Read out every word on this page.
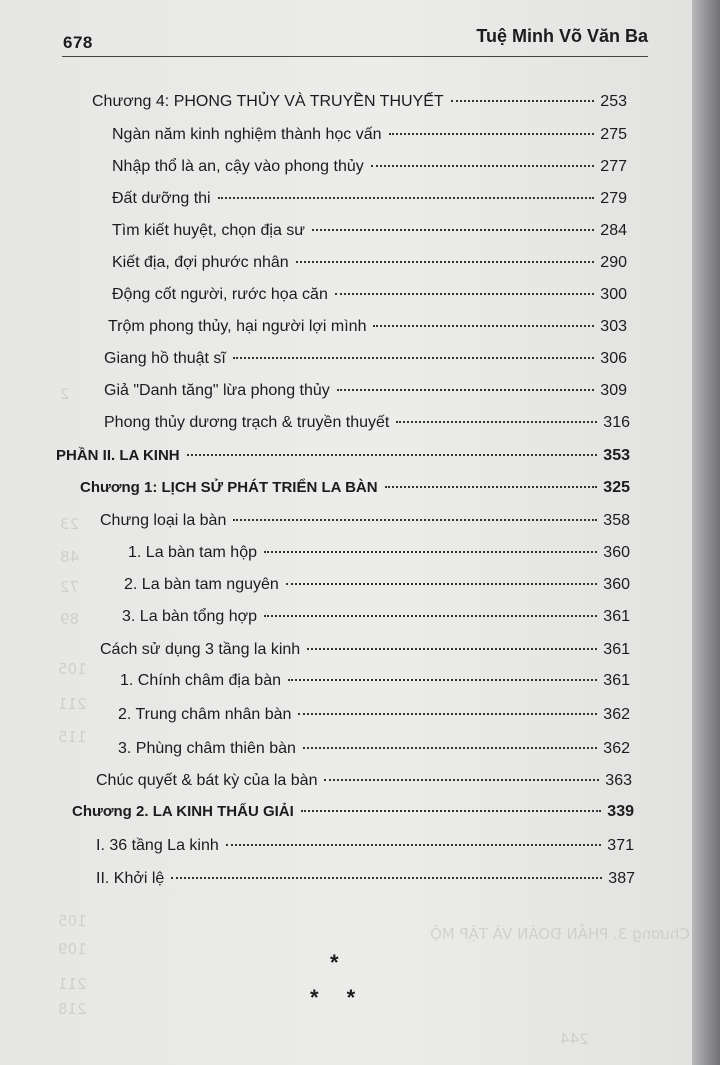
2
23
48
72
89
105
211
115
105
109
211
218
Chương 3. PHẦN ĐOÁN VÀ TẬP MỘ
244
678	Tuệ Minh Võ Văn Ba
Chương 4: PHONG THỦY VÀ TRUYỀN THUYẾT	253
Ngàn năm kinh nghiệm thành học vấn	275
Nhập thổ là an, cậy vào phong thủy	277
Đất dưỡng thi	279
Tìm kiết huyệt, chọn địa sư	284
Kiết địa, đợi phước nhân	290
Động cốt người, rước họa căn	300
Trộm phong thủy, hại người lợi mình	303
Giang hồ thuật sĩ	306
Giả "Danh tăng" lừa phong thủy	309
Phong thủy dương trạch & truyền thuyết	316
PHẦN II. LA KINH	353
Chương 1: LỊCH SỬ PHÁT TRIỂN LA BÀN	325
Chưng loại la bàn	358
1. La bàn tam hộp	360
2. La bàn tam nguyên	360
3. La bàn tổng hợp	361
Cách sử dụng 3 tầng la kinh	361
1. Chính châm địa bàn	361
2. Trung châm nhân bàn	362
3. Phùng châm thiên bàn	362
Chúc quyết & bát kỳ của la bàn	363
Chương 2. LA KINH THẤU GIẢI	339
I. 36 tầng La kinh	371
II. Khởi lệ	387
*
* *
